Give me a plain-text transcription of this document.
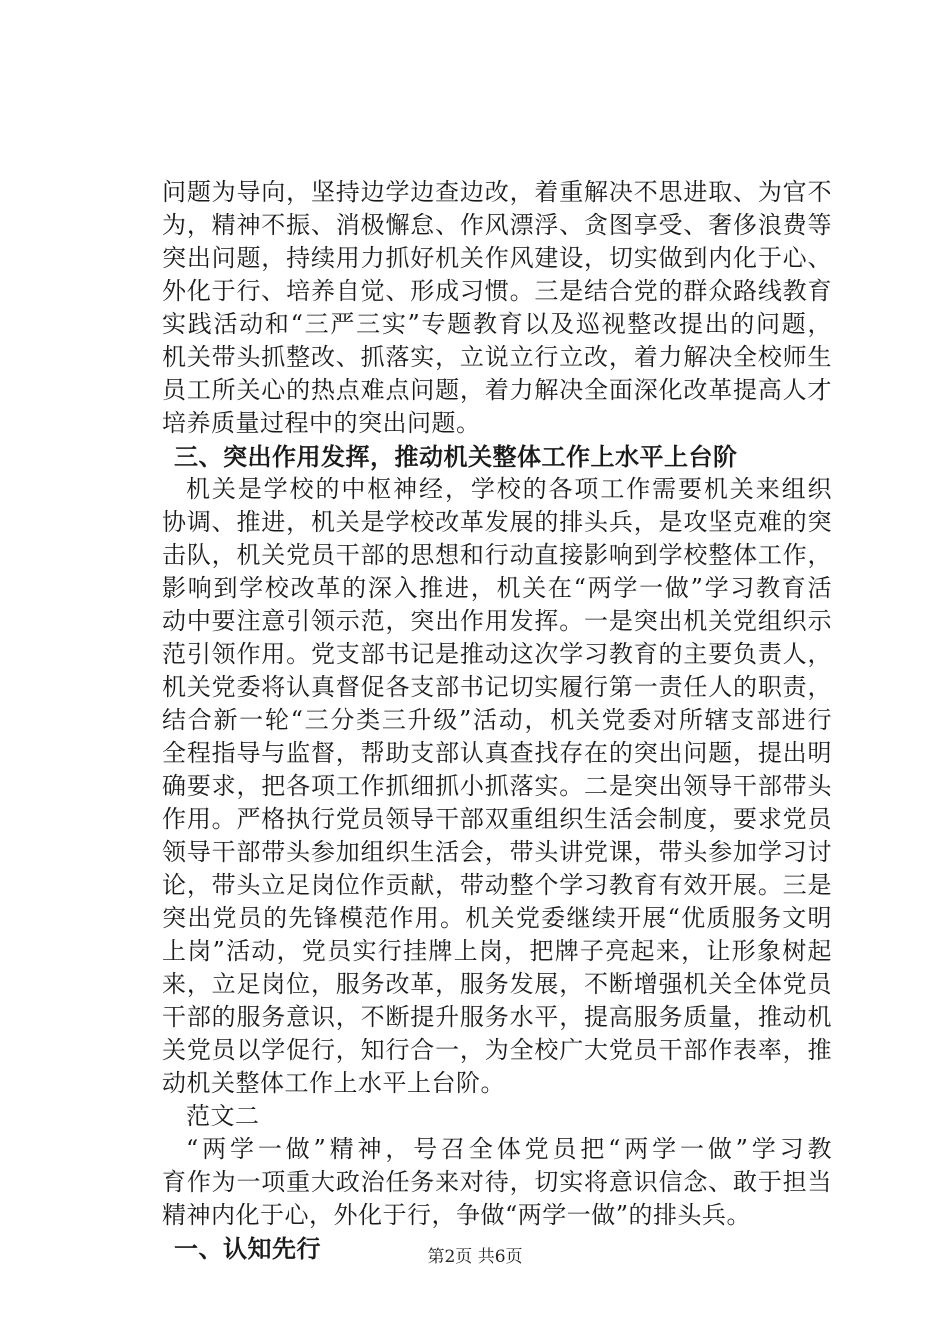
问题为导向，坚持边学边查边改，着重解决不思进取、为官不
为，精神不振、消极懈怠、作风漂浮、贪图享受、奢侈浪费等
突出问题，持续用力抓好机关作风建设，切实做到内化于心、
外化于行、培养自觉、形成习惯。三是结合党的群众路线教育
实践活动和“三严三实”专题教育以及巡视整改提出的问题，
机关带头抓整改、抓落实，立说立行立改，着力解决全校师生
员工所关心的热点难点问题，着力解决全面深化改革提高人才
培养质量过程中的突出问题。
三、突出作用发挥，推动机关整体工作上水平上台阶
机关是学校的中枢神经，学校的各项工作需要机关来组织
协调、推进，机关是学校改革发展的排头兵，是攻坚克难的突
击队，机关党员干部的思想和行动直接影响到学校整体工作，
影响到学校改革的深入推进，机关在“两学一做”学习教育活
动中要注意引领示范，突出作用发挥。一是突出机关党组织示
范引领作用。党支部书记是推动这次学习教育的主要负责人，
机关党委将认真督促各支部书记切实履行第一责任人的职责，
结合新一轮“三分类三升级”活动，机关党委对所辖支部进行
全程指导与监督，帮助支部认真查找存在的突出问题，提出明
确要求，把各项工作抓细抓小抓落实。二是突出领导干部带头
作用。严格执行党员领导干部双重组织生活会制度，要求党员
领导干部带头参加组织生活会，带头讲党课，带头参加学习讨
论，带头立足岗位作贡献，带动整个学习教育有效开展。三是
突出党员的先锋模范作用。机关党委继续开展“优质服务文明
上岗”活动，党员实行挂牌上岗，把牌子亮起来，让形象树起
来，立足岗位，服务改革，服务发展，不断增强机关全体党员
干部的服务意识，不断提升服务水平，提高服务质量，推动机
关党员以学促行，知行合一，为全校广大党员干部作表率，推
动机关整体工作上水平上台阶。
范文二
“两学一做”精神，号召全体党员把“两学一做”学习教
育作为一项重大政治任务来对待，切实将意识信念、敢于担当
精神内化于心，外化于行，争做“两学一做”的排头兵。
一、认知先行	第2页 共6页
